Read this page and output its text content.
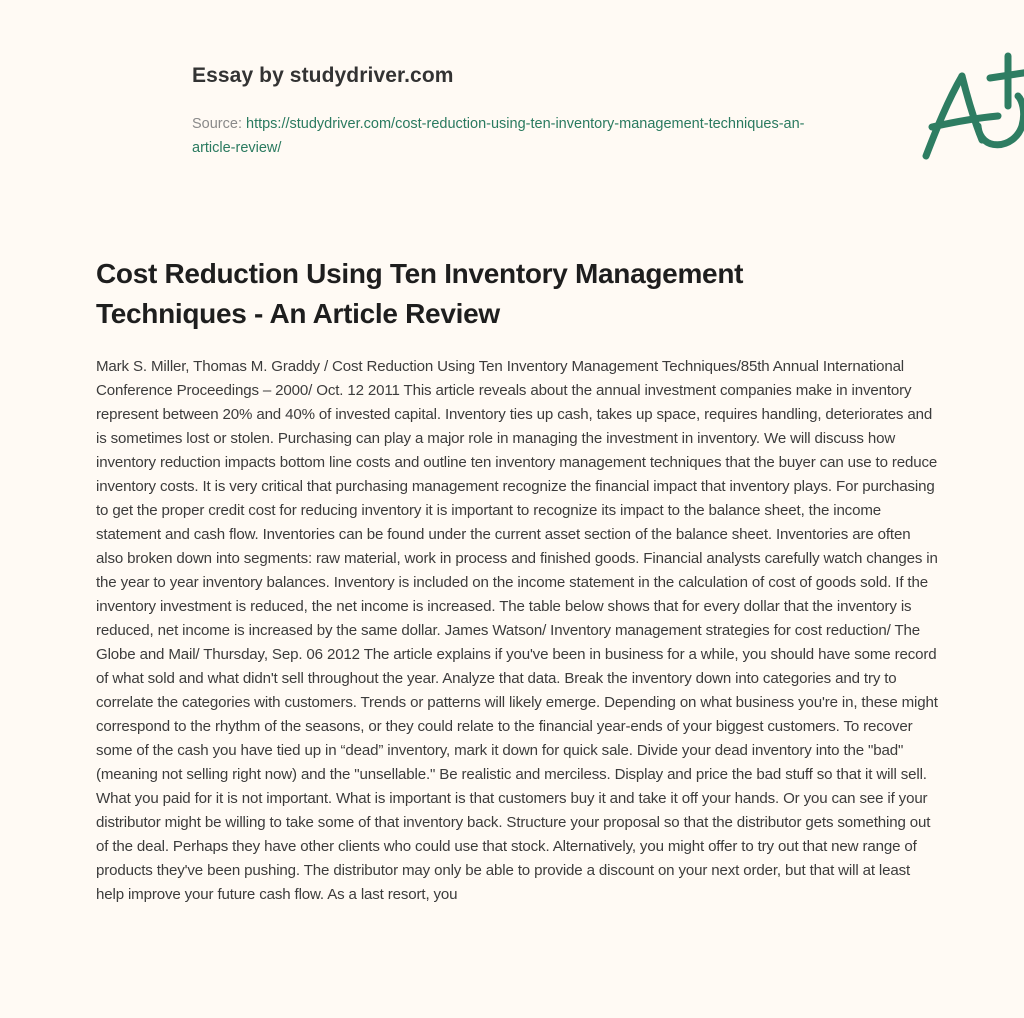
Essay by studydriver.com
Source: https://studydriver.com/cost-reduction-using-ten-inventory-management-techniques-an-article-review/
Cost Reduction Using Ten Inventory Management Techniques - An Article Review

Mark S. Miller, Thomas M. Graddy / Cost Reduction Using Ten Inventory Management Techniques/85th Annual International Conference Proceedings – 2000/ Oct. 12 2011 This article reveals about the annual investment companies make in inventory represent between 20% and 40% of invested capital. Inventory ties up cash, takes up space, requires handling, deteriorates and is sometimes lost or stolen. Purchasing can play a major role in managing the investment in inventory. We will discuss how inventory reduction impacts bottom line costs and outline ten inventory management techniques that the buyer can use to reduce inventory costs. It is very critical that purchasing management recognize the financial impact that inventory plays. For purchasing to get the proper credit cost for reducing inventory it is important to recognize its impact to the balance sheet, the income statement and cash flow. Inventories can be found under the current asset section of the balance sheet. Inventories are often also broken down into segments: raw material, work in process and finished goods. Financial analysts carefully watch changes in the year to year inventory balances. Inventory is included on the income statement in the calculation of cost of goods sold. If the inventory investment is reduced, the net income is increased. The table below shows that for every dollar that the inventory is reduced, net income is increased by the same dollar. James Watson/ Inventory management strategies for cost reduction/ The Globe and Mail/ Thursday, Sep. 06 2012 The article explains if you've been in business for a while, you should have some record of what sold and what didn't sell throughout the year. Analyze that data. Break the inventory down into categories and try to correlate the categories with customers. Trends or patterns will likely emerge. Depending on what business you're in, these might correspond to the rhythm of the seasons, or they could relate to the financial year-ends of your biggest customers. To recover some of the cash you have tied up in “dead” inventory, mark it down for quick sale. Divide your dead inventory into the "bad" (meaning not selling right now) and the "unsellable." Be realistic and merciless. Display and price the bad stuff so that it will sell. What you paid for it is not important. What is important is that customers buy it and take it off your hands. Or you can see if your distributor might be willing to take some of that inventory back. Structure your proposal so that the distributor gets something out of the deal. Perhaps they have other clients who could use that stock. Alternatively, you might offer to try out that new range of products they've been pushing. The distributor may only be able to provide a discount on your next order, but that will at least help improve your future cash flow. As a last resort, you
